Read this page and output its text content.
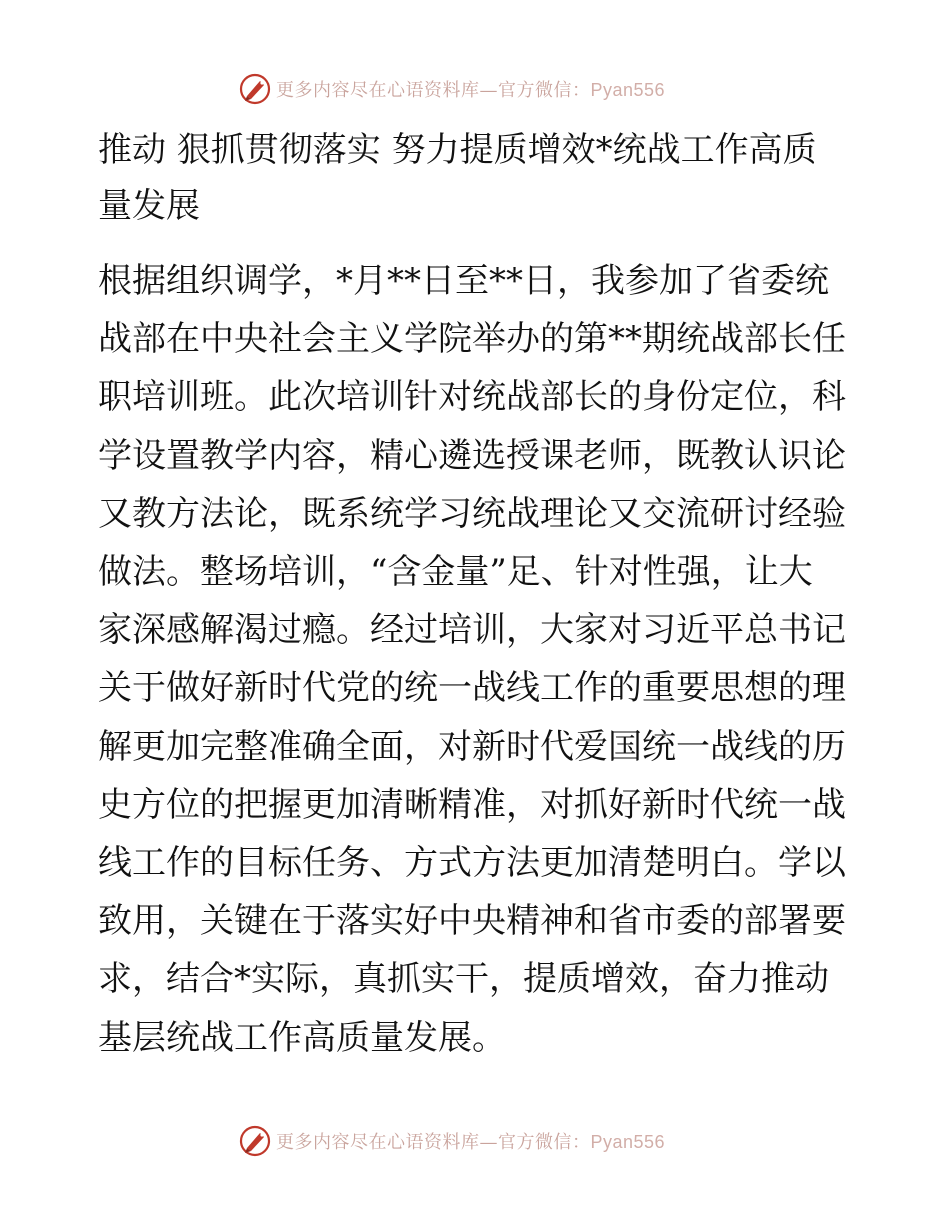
更多内容尽在心语资料库—官方微信：Pyan556
推动 狠抓贯彻落实 努力提质增效*统战工作高质
量发展
根据组织调学，*月**日至**日，我参加了省委统
战部在中央社会主义学院举办的第**期统战部长任
职培训班。此次培训针对统战部长的身份定位，科
学设置教学内容，精心遴选授课老师，既教认识论
又教方法论，既系统学习统战理论又交流研讨经验
做法。整场培训，“含金量”足、针对性强，让大
家深感解渴过瘾。经过培训，大家对习近平总书记
关于做好新时代党的统一战线工作的重要思想的理
解更加完整准确全面，对新时代爱国统一战线的历
史方位的把握更加清晰精准，对抓好新时代统一战
线工作的目标任务、方式方法更加清楚明白。学以
致用，关键在于落实好中央精神和省市委的部署要
求，结合*实际，真抓实干，提质增效，奋力推动
基层统战工作高质量发展。
更多内容尽在心语资料库—官方微信：Pyan556
